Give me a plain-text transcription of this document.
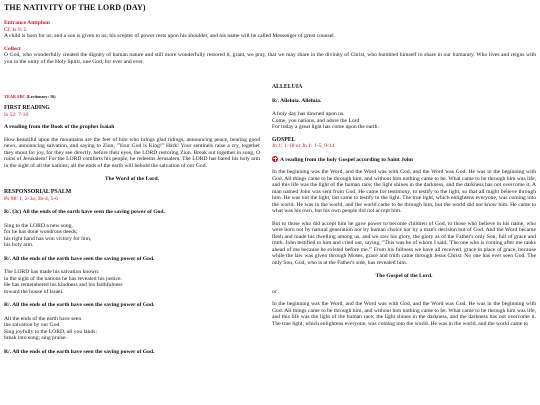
THE NATIVITY OF THE LORD (DAY)
Entrance Antiphon
Cf. Is 9: 5

A child is born for us, and a son is given to us; his scepter of power rests upon his shoulder, and his name will be called Messenger of great counsel.

Collect

O God, who wonderfully created the dignity of human nature and still more wonderfully restored it, grant, we pray, that we may share in the divinity of Christ, who humbled himself to share in our humanity. Who lives and reigns with you in the unity of the Holy Spirit, one God, for ever and ever.

YEAR ABC (Lectionary: 16)

FIRST READING

Is 52: 7-10

A reading from the Book of the prophet Isaiah

How beautiful upon the mountains are the feet of him who brings glad tidings, announcing peace, bearing good news, announcing salvation, and saying to Zion, "Your God is King!" Hark! Your sentinels raise a cry, together they shout for joy, for they see directly, before their eyes, the LORD restoring Zion. Break out together in song, O ruins of Jerusalem! For the LORD comforts his people, he redeems Jerusalem. The LORD has bared his holy arm in the sight of all the nations; all the ends of the earth will behold the salvation of our God.

The Word of the Lord.

RESPONSORIAL PSALM

Ps 98: 1, 2-3a, 3b-4, 5-6
R/. (3c) All the ends of the earth have seen the saving power of God.
Sing to the LORD a new song,
for he has done wondrous deeds;
his right hand has won victory for him,
his holy arm.
R/. All the ends of the earth have seen the saving power of God.
The LORD has made his salvation known:
in the sight of the nations he has revealed his justice.
He has remembered his kindness and his faithfulness
toward the house of Israel.
R/. All the ends of the earth have seen the saving power of God.
All the ends of the earth have seen
the salvation by our God.
Sing joyfully to the LORD, all you lands;
break into song; sing praise.
R/. All the ends of the earth have seen the saving power of God.

ALLELUIA

R/. Alleluia. Alleluia.
A holy day has dawned upon us.
Come, you nations, and adore the Lord
For today a great light has come upon the earth.

GOSPEL

Jn 1: 1-18 or Jn 1: 1-5, 9-14

A reading from the holy Gospel according to Saint John

In the beginning was the Word, and the Word was with God, and the Word was God. He was in the beginning with God. All things came to be through him, and without him nothing came to be. What came to be through him was life, and this life was the light of the human race; the light shines in the darkness, and the darkness has not overcome it. A man named John was sent from God. He came for testimony, to testify to the light, so that all might believe through him. He was not the light, but came to testify to the light. The true light, which enlightens everyone, was coming into the world. He was in the world, and the world came to be through him, but the world did not know him. He came to what was his own, but his own people did not accept him.

But to those who did accept him he gave power to become children of God, to those who believe in his name, who were born not by natural generation nor by human choice nor by a man's decision but of God. And the Word became flesh and made his dwelling among us, and we saw his glory, the glory as of the Father's only Son, full of grace and truth. John testified to him and cried out, saying, "This was he of whom I said, 'The one who is coming after me ranks ahead of me because he existed before me.'" From his fullness we have all received, grace in place of grace, because while the law was given through Moses, grace and truth came through Jesus Christ. No one has ever seen God. The only Son, God, who is at the Father's side, has revealed him.

The Gospel of the Lord.
or

In the beginning was the Word, and the Word was with God, and the Word was God. He was in the beginning with God. All things came to be through him, and without him nothing came to be. What came to be through him was life, and this life was the light of the human race; the light shines in the darkness, and the darkness has not overcome it. The true light, which enlightens everyone, was coming into the world. He was in the world, and the world came to
